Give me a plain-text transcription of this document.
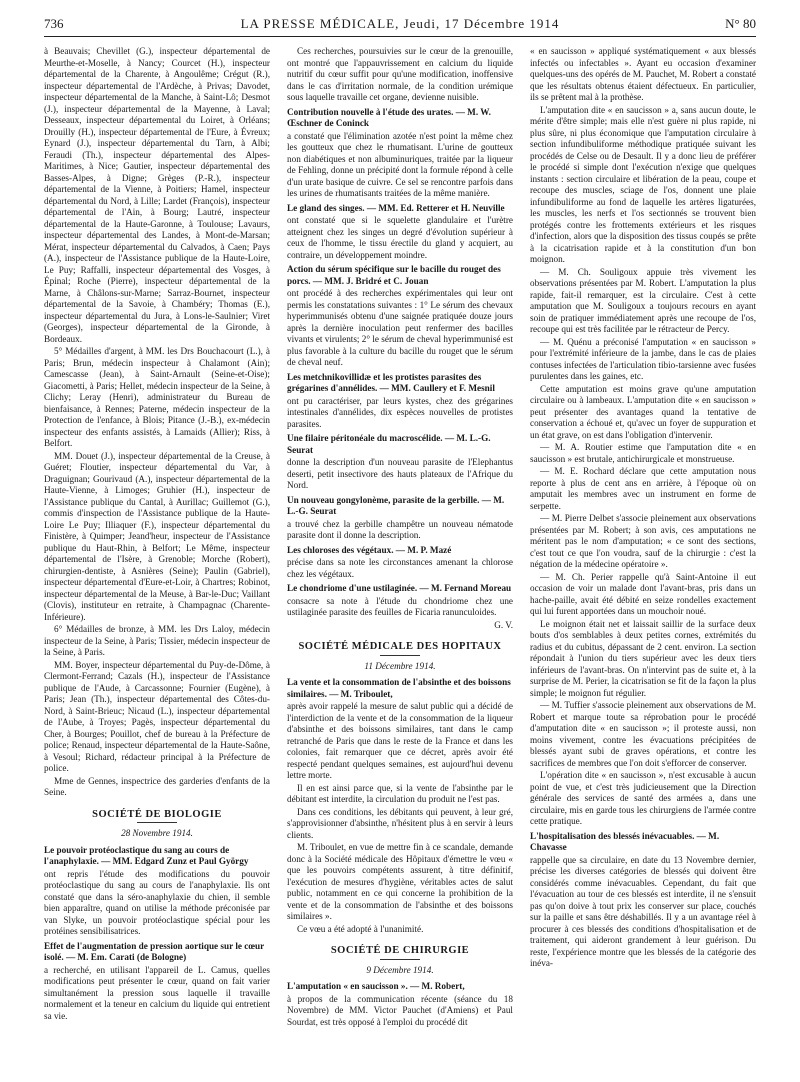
736	LA PRESSE MÉDICALE, Jeudi, 17 Décembre 1914	N° 80

à Beauvais; Chevillet (G.), inspecteur départemental de Meurthe-et-Moselle, à Nancy; Courcet (H.), inspecteur départemental de la Charente, à Angoulême; Crégut (R.), inspecteur départemental de l'Ardèche, à Privas; Davodet, inspecteur départemental de la Manche, à Saint-Lô; Desmot (J.), inspecteur départemental de la Mayenne, à Laval; Desseaux, inspecteur départemental du Loiret, à Orléans; Drouilly (H.), inspecteur départemental de l'Eure, à Évreux; Eynard (J.), inspecteur départemental du Tarn, à Albi; Feraudi (Th.), inspecteur départemental des Alpes-Maritimes, à Nice; Gautier, inspecteur départemental des Basses-Alpes, à Digne; Grèges (P.-R.), inspecteur départemental de la Vienne, à Poitiers; Hamel, inspecteur départemental du Nord, à Lille; Lardet (François), inspecteur départemental de l'Ain, à Bourg; Lautré, inspecteur départemental de la Haute-Garonne, à Toulouse; Lavaurs, inspecteur départemental des Landes, à Mont-de-Marsan; Mérat, inspecteur départemental du Calvados, à Caen; Pays (A.), inspecteur de l'Assistance publique de la Haute-Loire, Le Puy; Raffalli, inspecteur départemental des Vosges, à Épinal; Roche (Pierre), inspecteur départemental de la Marne, à Châlons-sur-Marne; Sarraz-Bournet, inspecteur départemental de la Savoie, à Chambéry; Thomas (E.), inspecteur départemental du Jura, à Lons-le-Saulnier; Viret (Georges), inspecteur départemental de la Gironde, à Bordeaux.

5° Médailles d'argent, à MM. les Drs Bouchacourt (L.), à Paris; Brun, médecin inspecteur à Chalamont (Ain); Camescasse (Jean), à Saint-Arnault (Seine-et-Oise); Giacometti, à Paris; Hellet, médecin inspecteur de la Seine, à Clichy; Leray (Henri), administrateur du Bureau de bienfaisance, à Rennes; Paterne, médecin inspecteur de la Protection de l'enfance, à Blois; Pitance (J.-B.), ex-médecin inspecteur des enfants assistés, à Lamaids (Allier); Riss, à Belfort.

MM. Douet (J.), inspecteur départemental de la Creuse, à Guéret; Floutier, inspecteur départemental du Var, à Draguignan; Gourivaud (A.), inspecteur départemental de la Haute-Vienne, à Limoges; Gruhier (H.), inspecteur de l'Assistance publique du Cantal, à Aurillac; Guillemot (G.), commis d'inspection de l'Assistance publique de la Haute-Loire Le Puy; Illiaquer (F.), inspecteur départemental du Finistère, à Quimper; Jeand'heur, inspecteur de l'Assistance publique du Haut-Rhin, à Belfort; Le Même, inspecteur départemental de l'Isère, à Grenoble; Morche (Robert), chirurgien-dentiste, à Asnières (Seine); Paulin (Gabriel), inspecteur départemental d'Eure-et-Loir, à Chartres; Robinot, inspecteur départemental de la Meuse, à Bar-le-Duc; Vaillant (Clovis), instituteur en retraite, à Champagnac (Charente-Inférieure).

6° Médailles de bronze, à MM. les Drs Laloy, médecin inspecteur de la Seine, à Paris; Tissier, médecin inspecteur de la Seine, à Paris.

MM. Boyer, inspecteur départemental du Puy-de-Dôme, à Clermont-Ferrand; Cazals (H.), inspecteur de l'Assistance publique de l'Aude, à Carcassonne; Fournier (Eugène), à Paris; Jean (Th.), inspecteur départemental des Côtes-du-Nord, à Saint-Brieuc; Nicaud (L.), inspecteur départemental de l'Aube, à Troyes; Pagès, inspecteur départemental du Cher, à Bourges; Pouillot, chef de bureau à la Préfecture de police; Renaud, inspecteur départemental de la Haute-Saône, à Vesoul; Richard, rédacteur principal à la Préfecture de police.

Mme de Gennes, inspectrice des garderies d'enfants de la Seine.

SOCIÉTÉ DE BIOLOGIE

28 Novembre 1914.

Le pouvoir protéoclastique du sang au cours de l'anaphylaxie. — MM. Edgard Zunz et Paul György

ont repris l'étude des modifications du pouvoir protéoclastique du sang au cours de l'anaphylaxie. Ils ont constaté que dans la séro-anaphylaxie du chien, il semble bien apparaître, quand on utilise la méthode préconisée par van Slyke, un pouvoir protéoclastique spécial pour les protéines sensibilisatrices.

Effet de l'augmentation de pression aortique sur le cœur isolé. — M. Em. Carati (de Bologne)

a recherché, en utilisant l'appareil de L. Camus, quelles modifications peut présenter le cœur, quand on fait varier simultanément la pression sous laquelle il travaille normalement et la teneur en calcium du liquide qui entretient sa vie.

Ces recherches, poursuivies sur le cœur de la grenouille, ont montré que l'appauvrissement en calcium du liquide nutritif du cœur suffit pour qu'une modification, inoffensive dans le cas d'irritation normale, de la condition urémique sous laquelle travaille cet organe, devienne nuisible.

Contribution nouvelle à l'étude des urates. — M. W. Œschner de Coninck

a constaté que l'élimination azotée n'est point la même chez les goutteux que chez le rhumatisant. L'urine de goutteux non diabétiques et non albuminuriques, traitée par la liqueur de Fehling, donne un précipité dont la formule répond à celle d'un urate basique de cuivre. Ce sel se rencontre parfois dans les urines de rhumatisants traitées de la même manière.

Le gland des singes. — MM. Ed. Retterer et H. Neuville

ont constaté que si le squelette glandulaire et l'urètre atteignent chez les singes un degré d'évolution supérieur à ceux de l'homme, le tissu érectile du gland y acquiert, au contraire, un développement moindre.

Action du sérum spécifique sur le bacille du rouget des porcs. — MM. J. Bridré et C. Jouan

ont procédé à des recherches expérimentales qui leur ont permis les constatations suivantes : 1° Le sérum des chevaux hyperimmunisés obtenu d'une saignée pratiquée douze jours après la dernière inoculation peut renfermer des bacilles vivants et virulents; 2° le sérum de cheval hyperimmunisé est plus favorable à la culture du bacille du rouget que le sérum de cheval neuf.

Les metchnikovillidæ et les protistes parasites des grégarines d'annélides. — MM. Caullery et F. Mesnil

ont pu caractériser, par leurs kystes, chez des grégarines intestinales d'annélides, dix espèces nouvelles de protistes parasites.

Une filaire péritonéale du macroscélide. — M. L.-G. Seurat

donne la description d'un nouveau parasite de l'Elephantus deserti, petit insectivore des hauts plateaux de l'Afrique du Nord.

Un nouveau gongylonème, parasite de la gerbille. — M. L.-G. Seurat

a trouvé chez la gerbille champêtre un nouveau nématode parasite dont il donne la description.

Les chloroses des végétaux. — M. P. Mazé

précise dans sa note les circonstances amenant la chlorose chez les végétaux.

Le chondriome d'une ustilaginée. — M. Fernand Moreau

consacre sa note à l'étude du chondriome chez une ustilaginée parasite des feuilles de Ficaria ranunculoides.

G. V.

SOCIÉTÉ MÉDICALE DES HOPITAUX

11 Décembre 1914.

La vente et la consommation de l'absinthe et des boissons similaires. — M. Triboulet,

après avoir rappelé la mesure de salut public qui a décidé de l'interdiction de la vente et de la consommation de la liqueur d'absinthe et des boissons similaires, tant dans le camp retranché de Paris que dans le reste de la France et dans les colonies, fait remarquer que ce décret, après avoir été respecté pendant quelques semaines, est aujourd'hui devenu lettre morte.

Il en est ainsi parce que, si la vente de l'absinthe par le débitant est interdite, la circulation du produit ne l'est pas.

Dans ces conditions, les débitants qui peuvent, à leur gré, s'approvisionner d'absinthe, n'hésitent plus à en servir à leurs clients.

M. Triboulet, en vue de mettre fin à ce scandale, demande donc à la Société médicale des Hôpitaux d'émettre le vœu « que les pouvoirs compétents assurent, à titre définitif, l'exécution de mesures d'hygiène, véritables actes de salut public, notamment en ce qui concerne la prohibition de la vente et de la consommation de l'absinthe et des boissons similaires ».

Ce vœu a été adopté à l'unanimité.

SOCIÉTÉ DE CHIRURGIE

9 Décembre 1914.

L'amputation « en saucisson ». — M. Robert,

à propos de la communication récente (séance du 18 Novembre) de MM. Victor Pauchet (d'Amiens) et Paul Sourdat, est très opposé à l'emploi du procédé dit

« en saucisson » appliqué systématiquement « aux blessés infectés ou infectables ». Ayant eu occasion d'examiner quelques-uns des opérés de M. Pauchet, M. Robert a constaté que les résultats obtenus étaient défectueux. En particulier, ils se prêtent mal à la prothèse.

L'amputation dite « en saucisson » a, sans aucun doute, le mérite d'être simple; mais elle n'est guère ni plus rapide, ni plus sûre, ni plus économique que l'amputation circulaire à section infundibuliforme méthodique pratiquée suivant les procédés de Celse ou de Desault. Il y a donc lieu de préférer le procédé si simple dont l'exécution n'exige que quelques instants : section circulaire et libération de la peau, coupe et recoupe des muscles, sciage de l'os, donnent une plaie infundibuliforme au fond de laquelle les artères ligaturées, les muscles, les nerfs et l'os sectionnés se trouvent bien protégés contre les frottements extérieurs et les risques d'infection, alors que la disposition des tissus coupés se prête à la cicatrisation rapide et à la constitution d'un bon moignon.

— M. Ch. Souligoux appuie très vivement les observations présentées par M. Robert. L'amputation la plus rapide, fait-il remarquer, est la circulaire. C'est à cette amputation que M. Souligoux a toujours recours en ayant soin de pratiquer immédiatement après une recoupe de l'os, recoupe qui est très facilitée par le rétracteur de Percy.

— M. Quénu a préconisé l'amputation « en saucisson » pour l'extrémité inférieure de la jambe, dans le cas de plaies contuses infectées de l'articulation tibio-tarsienne avec fusées purulentes dans les gaines, etc.

Cette amputation est moins grave qu'une amputation circulaire ou à lambeaux. L'amputation dite « en saucisson » peut présenter des avantages quand la tentative de conservation a échoué et, qu'avec un foyer de suppuration et un état grave, on est dans l'obligation d'intervenir.

— M. A. Routier estime que l'amputation dite « en saucisson » est brutale, antichirurgicale et monstrueuse.

— M. E. Rochard déclare que cette amputation nous reporte à plus de cent ans en arrière, à l'époque où on amputait les membres avec un instrument en forme de serpette.

— M. Pierre Delbet s'associe pleinement aux observations présentées par M. Robert; à son avis, ces amputations ne méritent pas le nom d'amputation; « ce sont des sections, c'est tout ce que l'on voudra, sauf de la chirurgie : c'est la négation de la médecine opératoire ».

— M. Ch. Perier rappelle qu'à Saint-Antoine il eut occasion de voir un malade dont l'avant-bras, pris dans un hache-paille, avait été débité en seize rondelles exactement qui lui furent apportées dans un mouchoir noué.

Le moignon était net et laissait saillir de la surface deux bouts d'os semblables à deux petites cornes, extrémités du radius et du cubitus, dépassant de 2 cent. environ. La section répondait à l'union du tiers supérieur avec les deux tiers inférieurs de l'avant-bras. On n'intervint pas de suite et, à la surprise de M. Perier, la cicatrisation se fit de la façon la plus simple; le moignon fut régulier.

— M. Tuffier s'associe pleinement aux observations de M. Robert et marque toute sa réprobation pour le procédé d'amputation dite « en saucisson »; il proteste aussi, non moins vivement, contre les évacuations précipitées de blessés ayant subi de graves opérations, et contre les sacrifices de membres que l'on doit s'efforcer de conserver.

L'opération dite « en saucisson », n'est excusable à aucun point de vue, et c'est très judicieusement que la Direction générale des services de santé des armées a, dans une circulaire, mis en garde tous les chirurgiens de l'armée contre cette pratique.

L'hospitalisation des blessés inévacuables. — M. Chavasse

rappelle que sa circulaire, en date du 13 Novembre dernier, précise les diverses catégories de blessés qui doivent être considérés comme inévacuables. Cependant, du fait que l'évacuation au tour de ces blessés est interdite, il ne s'ensuit pas qu'on doive à tout prix les conserver sur place, couchés sur la paille et sans être déshabillés. Il y a un avantage réel à procurer à ces blessés des conditions d'hospitalisation et de traitement, qui aideront grandement à leur guérison. Du reste, l'expérience montre que les blessés de la catégorie des inéva-
